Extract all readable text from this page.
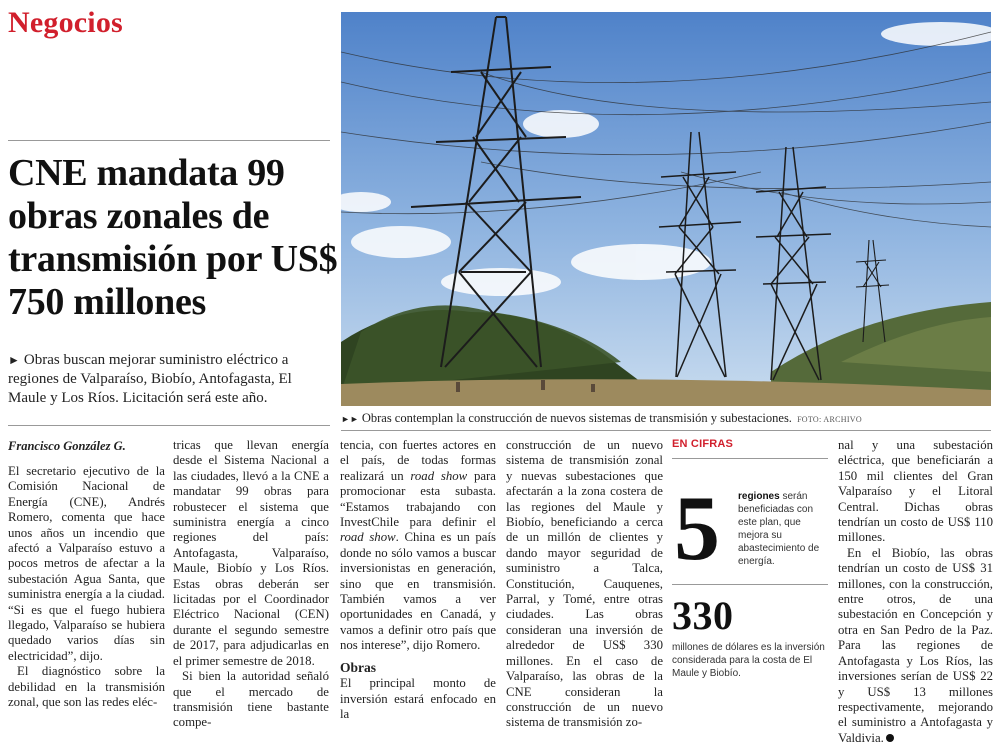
Negocios
CNE mandata 99 obras zonales de transmisión por US$ 750 millones
► Obras buscan mejorar suministro eléctrico a regiones de Valparaíso, Biobío, Antofagasta, El Maule y Los Ríos. Licitación será este año.
►► Obras contemplan la construcción de nuevos sistemas de transmisión y subestaciones. FOTO: ARCHIVO
Francisco González G.

El secretario ejecutivo de la Comisión Nacional de Energía (CNE), Andrés Romero, comenta que hace unos años un incendio que afectó a Valparaíso estuvo a pocos metros de afectar a la subestación Agua Santa, que suministra energía a la ciudad. “Si es que el fuego hubiera llegado, Valparaíso se hubiera quedado varios días sin electricidad”, dijo.

El diagnóstico sobre la debilidad en la transmisión zonal, que son las redes eléc-

tricas que llevan energía desde el Sistema Nacional a las ciudades, llevó a la CNE a mandatar 99 obras para robustecer el sistema que suministra energía a cinco regiones del país: Antofagasta, Valparaíso, Maule, Biobío y Los Ríos. Estas obras deberán ser licitadas por el Coordinador Eléctrico Nacional (CEN) durante el segundo semestre de 2017, para adjudicarlas en el primer semestre de 2018.

Si bien la autoridad señaló que el mercado de transmisión tiene bastante compe-

tencia, con fuertes actores en el país, de todas formas realizará un road show para promocionar esta subasta. “Estamos trabajando con InvestChile para definir el road show. China es un país donde no sólo vamos a buscar inversionistas en generación, sino que en transmisión. También vamos a ver oportunidades en Canadá, y vamos a definir otro país que nos interese”, dijo Romero.

Obras

El principal monto de inversión estará enfocado en la

construcción de un nuevo sistema de transmisión zonal y nuevas subestaciones que afectarán a la zona costera de las regiones del Maule y Biobío, beneficiando a cerca de un millón de clientes y dando mayor seguridad de suministro a Talca, Constitución, Cauquenes, Parral, y Tomé, entre otras ciudades. Las obras consideran una inversión de alrededor de US$ 330 millones. En el caso de Valparaíso, las obras de la CNE consideran la construcción de un nuevo sistema de transmisión zo-

EN CIFRAS
5 regiones serán beneficiadas con este plan, que mejora su abastecimiento de energía.
330
millones de dólares es la inversión considerada para la costa de El Maule y Biobío.

nal y una subestación eléctrica, que beneficiarán a 150 mil clientes del Gran Valparaíso y el Litoral Central. Dichas obras tendrían un costo de US$ 110 millones.

En el Biobío, las obras tendrían un costo de US$ 31 millones, con la construcción, entre otros, de una subestación en Concepción y otra en San Pedro de la Paz. Para las regiones de Antofagasta y Los Ríos, las inversiones serían de US$ 22 y US$ 13 millones respectivamente, mejorando el suministro a Antofagasta y Valdivia.
